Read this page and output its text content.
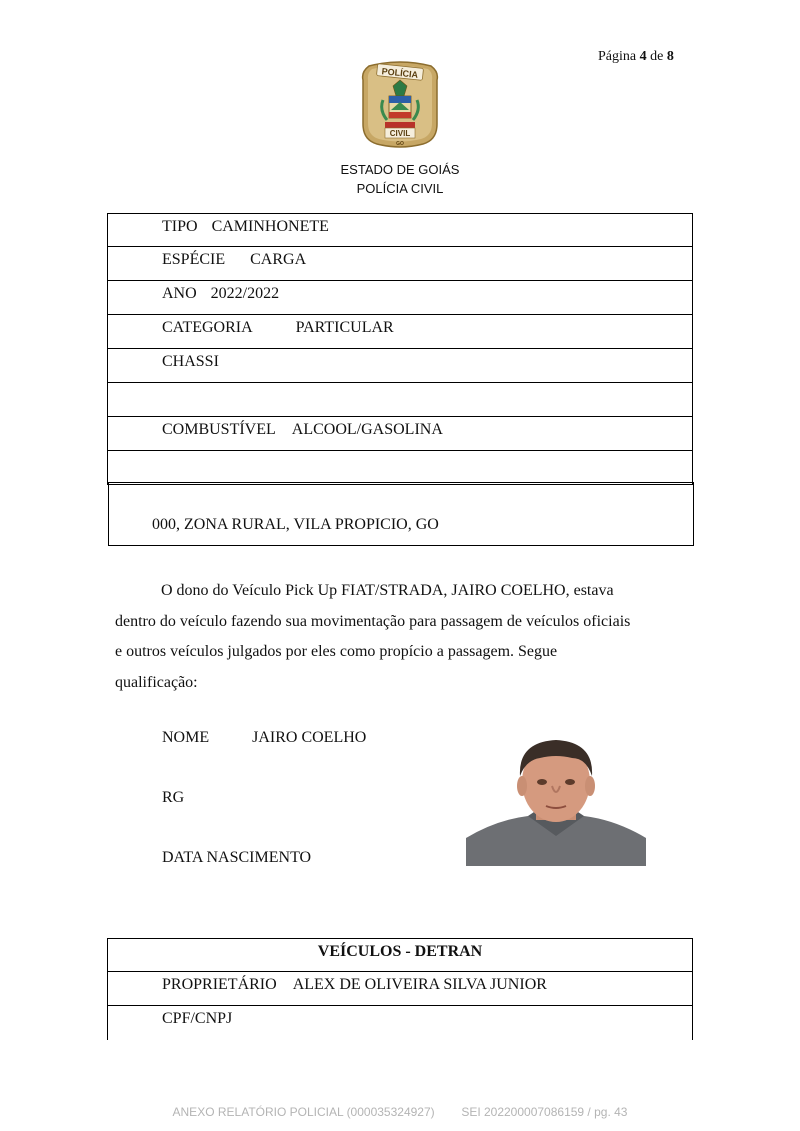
Página 4 de 8
POLÍCIA
CIVIL
GO
ESTADO DE GOIÁS
POLÍCIA CIVIL
TIPO CAMINHONETE
ESPÉCIE CARGA
ANO 2022/2022
CATEGORIA	PARTICULAR
CHASSI
COMBUSTÍVEL ALCOOL/GASOLINA
000, ZONA RURAL, VILA PROPICIO, GO
O dono do Veículo Pick Up FIAT/STRADA, JAIRO COELHO, estava
dentro do veículo fazendo sua movimentação para passagem de veículos oficiais
e outros veículos julgados por eles como propício a passagem. Segue
qualificação:
NOME	JAIRO COELHO
RG
DATA NASCIMENTO
VEÍCULOS - DETRAN
PROPRIETÁRIO ALEX DE OLIVEIRA SILVA JUNIOR
CPF/CNPJ
ANEXO RELATÓRIO POLICIAL (000035324927) SEI 202200007086159 / pg. 43
